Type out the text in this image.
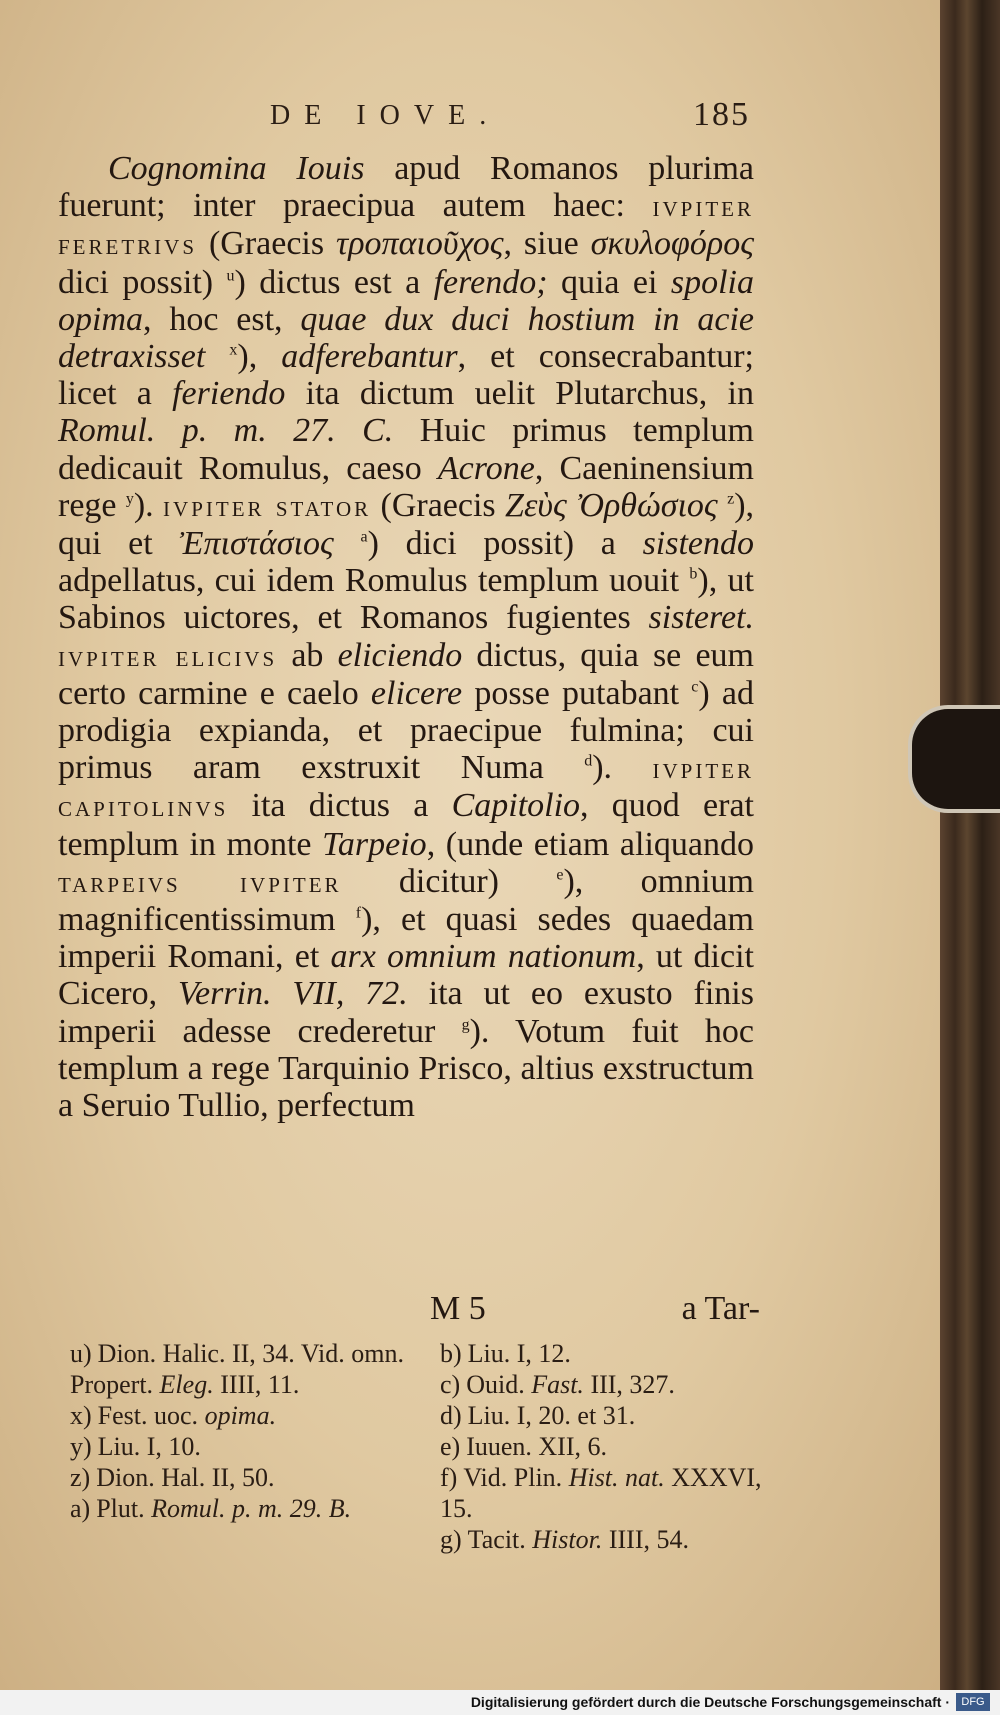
DE IOVE.	185

Cognomina Iouis apud Romanos plurima fuerunt; inter praecipua autem haec: ivpiter feretrivs (Graecis τροπαιοῦχος, siue σκυλοφόρος dici possit) $^u$) dictus est a ferendo; quia ei spolia opima, hoc est, quae dux duci hostium in acie detraxisset $^x$), adferebantur, et consecrabantur; licet a feriendo ita dictum uelit Plutarchus, in Romul. p. m. 27. C. Huic primus templum dedicauit Romulus, caeso Acrone, Caeninensium rege $^y$). ivpiter stator (Graecis Ζεὺς Ὀρθώσιος $^z$), qui et Ἐπιστάσιος $^a$) dici possit) a sistendo adpellatus, cui idem Romulus templum uouit $^b$), ut Sabinos uictores, et Romanos fugientes sisteret. ivpiter elicivs ab eliciendo dictus, quia se eum certo carmine e caelo elicere posse putabant $^c$) ad prodigia expianda, et praecipue fulmina; cui primus aram exstruxit Numa $^d$). ivpiter capitolinvs ita dictus a Capitolio, quod erat templum in monte Tarpeio, (unde etiam aliquando tarpeivs ivpiter dicitur) $^e$), omnium magnificentissimum $^f$), et quasi sedes quaedam imperii Romani, et arx omnium nationum, ut dicit Cicero, Verrin. VII, 72. ita ut eo exusto finis imperii adesse crederetur $^g$). Votum fuit hoc templum a rege Tarquinio Prisco, altius exstructum a Seruio Tullio, perfectum

M 5	a Tar-

u) Dion. Halic. II, 34. Vid. omn. Propert. Eleg. IIII, 11.

x) Fest. uoc. opima.

y) Liu. I, 10.

z) Dion. Hal. II, 50.

a) Plut. Romul. p. m. 29. B.

b) Liu. I, 12.

c) Ouid. Fast. III, 327.

d) Liu. I, 20. et 31.

e) Iuuen. XII, 6.

f) Vid. Plin. Hist. nat. XXXVI, 15.

g) Tacit. Histor. IIII, 54.

Digitalisierung gefördert durch die Deutsche Forschungsgemeinschaft ·	DFG
